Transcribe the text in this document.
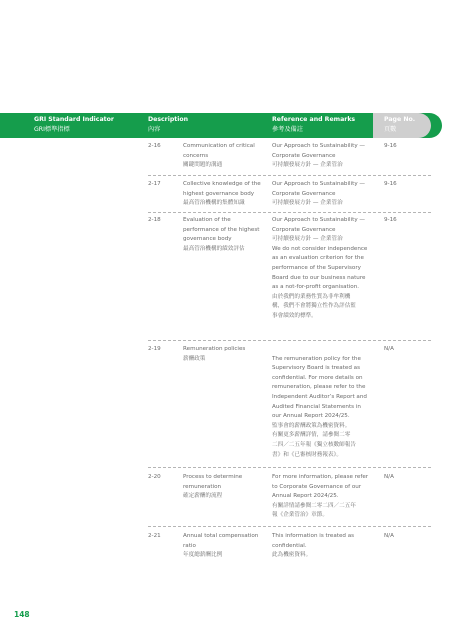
GRI Standard Indicator
GRI標準指標
Description
內容
Reference and Remarks
參考及備註
Page No.
頁數
2-16	Communication of critical
concerns
關鍵問題的溝通
Our Approach to Sustainability —
Corporate Governance
可持續發展方針 — 企業管治
9-16
2-17	Collective knowledge of the
highest governance body
最高管治機構的集體知識
Our Approach to Sustainability —
Corporate Governance
可持續發展方針 — 企業管治
9-16
2-18	Evaluation of the
performance of the highest
governance body
最高管治機構的績效評估
Our Approach to Sustainability —
Corporate Governance
可持續發展方針 — 企業管治
We do not consider independence
as an evaluation criterion for the
performance of the Supervisory
Board due to our business nature
as a not-for-profit organisation.
由於我們的業務性質為非牟利機
構，我們不會將獨立性作為評估監
事會績效的標準。
9-16
2-19	Remuneration policies
薪酬政策	The remuneration policy for the
Supervisory Board is treated as
confidential. For more details on
remuneration, please refer to the
Independent Auditor’s Report and
Audited Financial Statements in
our Annual Report 2024/25.
監事會的薪酬政策為機密資料。
有關更多薪酬詳情，請參閱二零
二四／二五年報《獨立核數師報告
書》和《已審核財務報表》。

N/A
2-20	Process to determine
remuneration
確定薪酬的流程
For more information, please refer
to Corporate Governance of our
Annual Report 2024/25.
有關詳情請參閱二零二四／二五年
報《企業管治》章節。
N/A
2-21	Annual total compensation
ratio
年度總薪酬比例
This information is treated as
confidential.
此為機密資料。
N/A
148
